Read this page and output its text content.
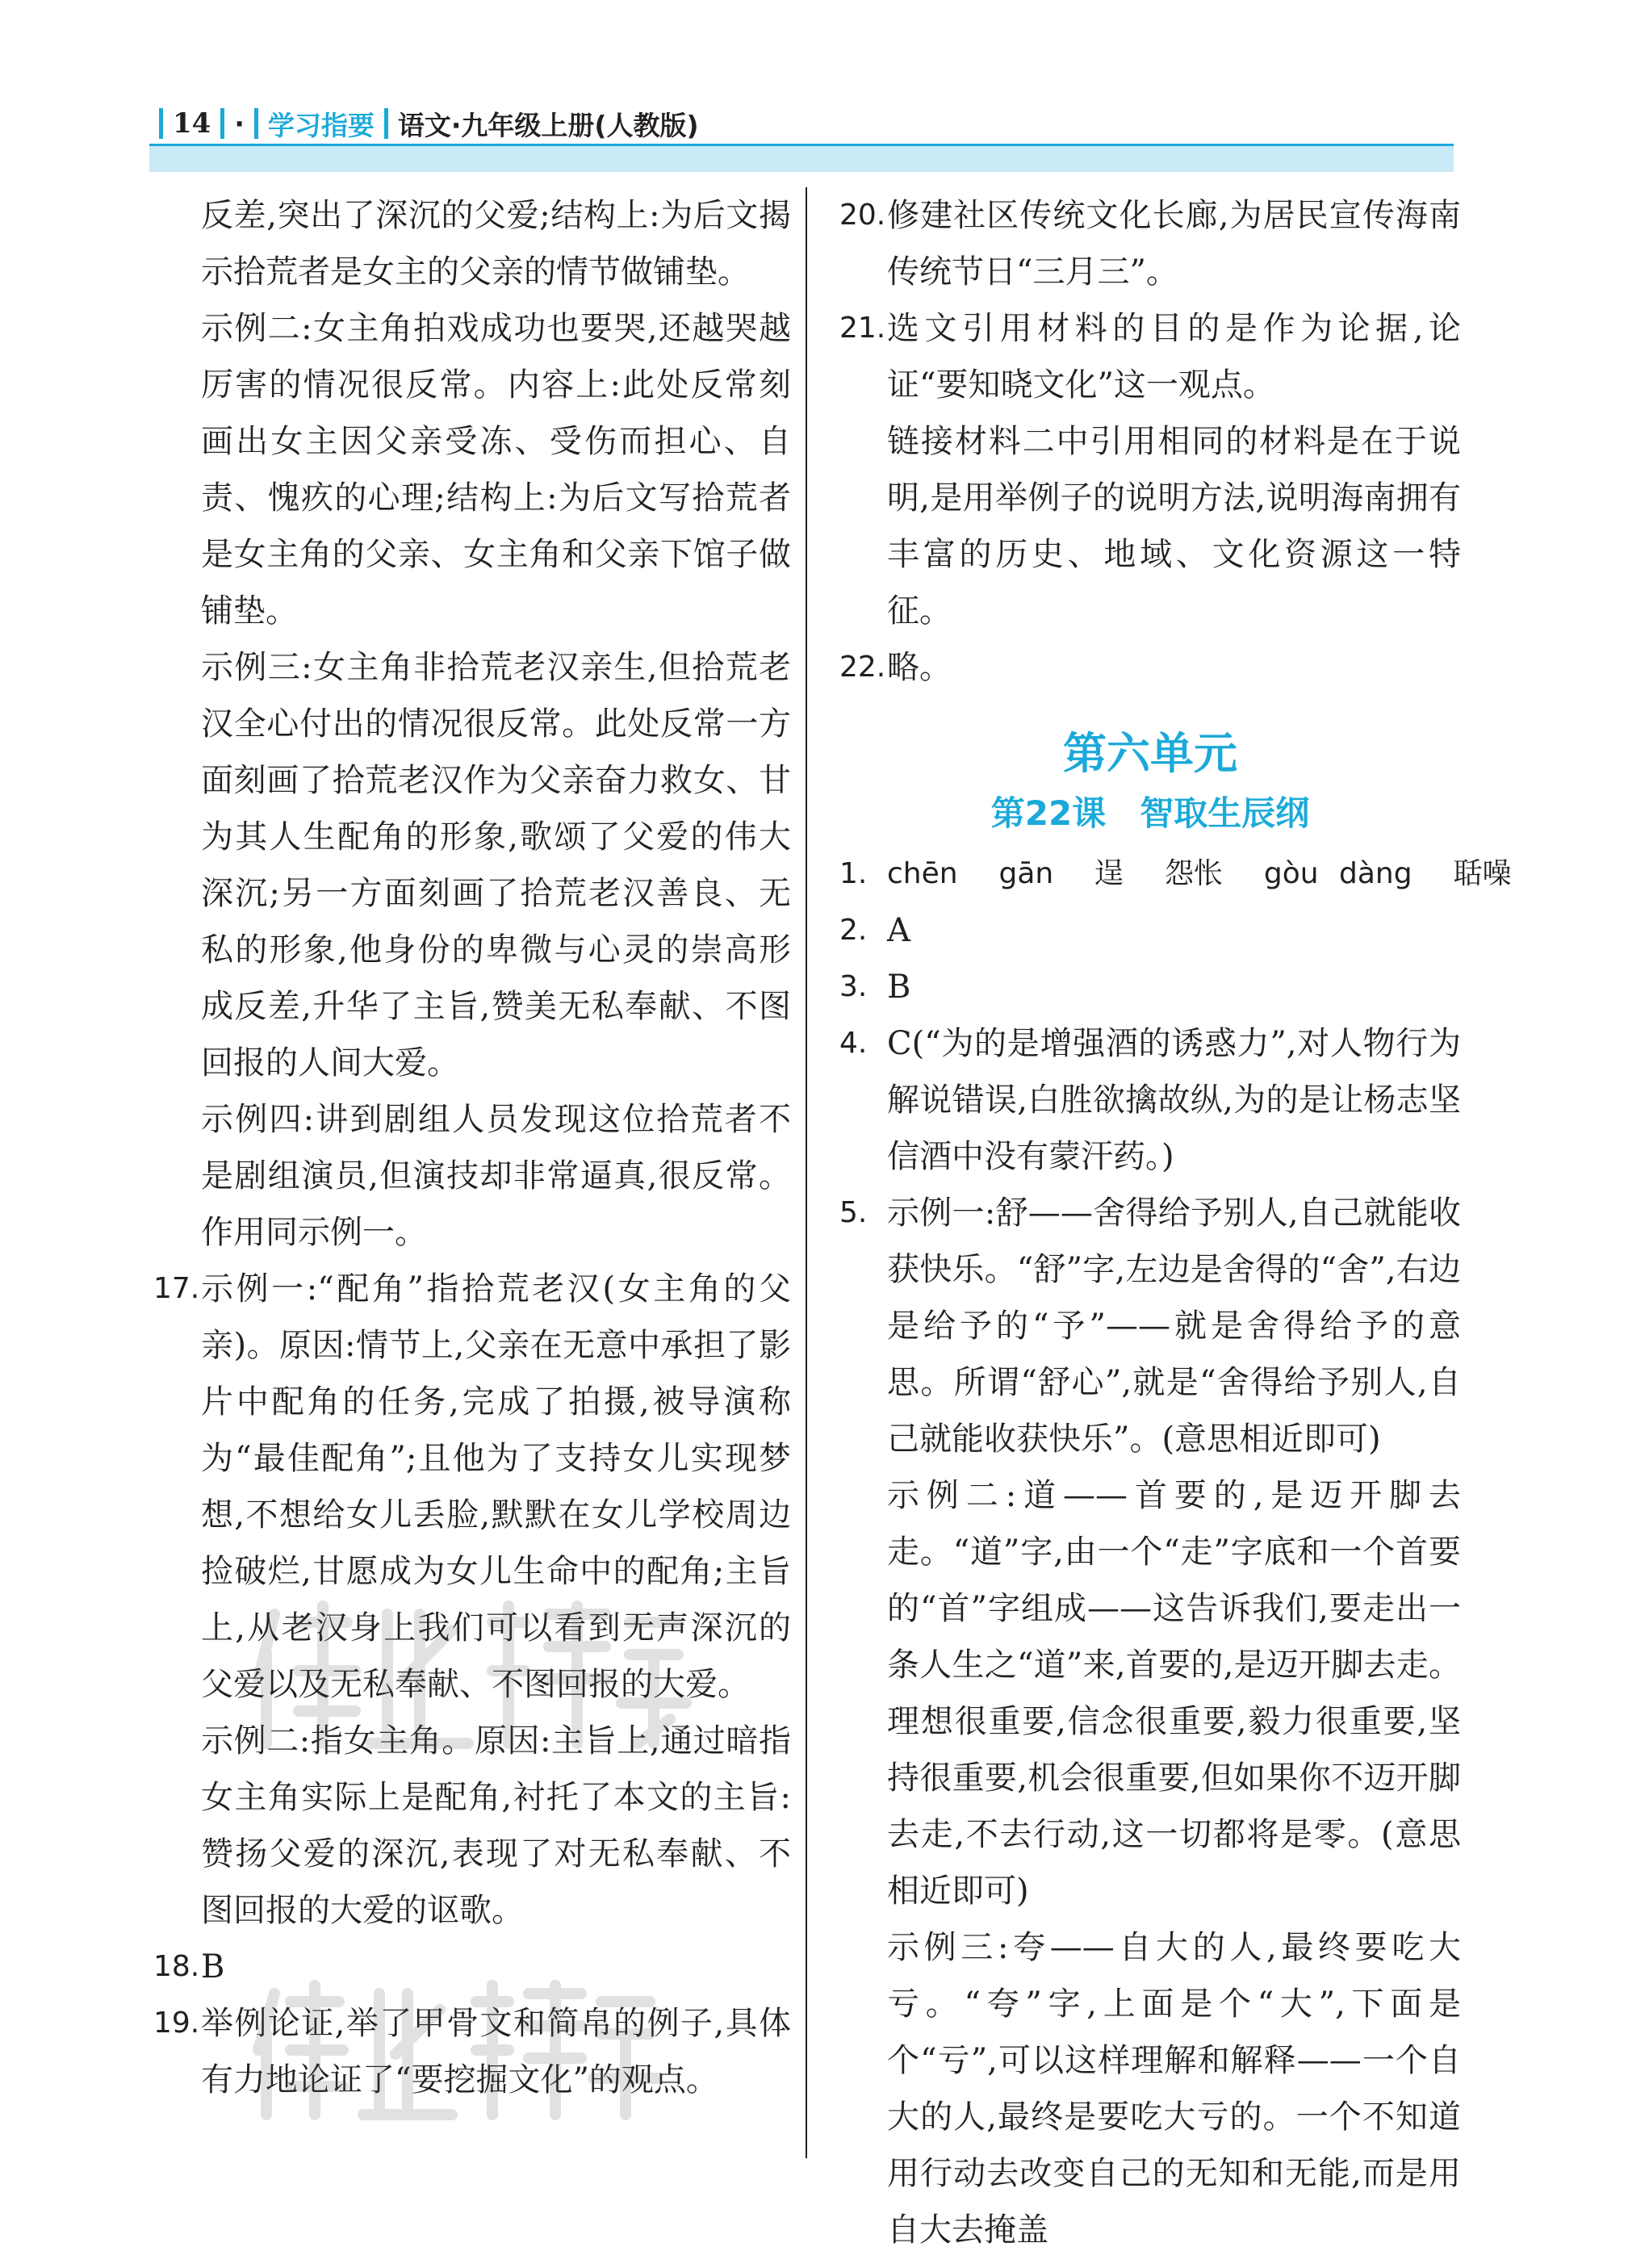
14 · 学习指要 语文·九年级上册(人教版)
反差,突出了深沉的父爱;结构上:为后文揭示拾荒者是女主的父亲的情节做铺垫。
示例二:女主角拍戏成功也要哭,还越哭越厉害的情况很反常。内容上:此处反常刻画出女主因父亲受冻、受伤而担心、自责、愧疚的心理;结构上:为后文写拾荒者是女主角的父亲、女主角和父亲下馆子做铺垫。
示例三:女主角非拾荒老汉亲生,但拾荒老汉全心付出的情况很反常。此处反常一方面刻画了拾荒老汉作为父亲奋力救女、甘为其人生配角的形象,歌颂了父爱的伟大深沉;另一方面刻画了拾荒老汉善良、无私的形象,他身份的卑微与心灵的崇高形成反差,升华了主旨,赞美无私奉献、不图回报的人间大爱。
示例四:讲到剧组人员发现这位拾荒者不是剧组演员,但演技却非常逼真,很反常。作用同示例一。
17. 示例一:“配角”指拾荒老汉(女主角的父亲)。原因:情节上,父亲在无意中承担了影片中配角的任务,完成了拍摄,被导演称为“最佳配角”;且他为了支持女儿实现梦想,不想给女儿丢脸,默默在女儿学校周边捡破烂,甘愿成为女儿生命中的配角;主旨上,从老汉身上我们可以看到无声深沉的父爱以及无私奉献、不图回报的大爱。
示例二:指女主角。原因:主旨上,通过暗指女主角实际上是配角,衬托了本文的主旨:赞扬父爱的深沉,表现了对无私奉献、不图回报的大爱的讴歌。
18. B
19. 举例论证,举了甲骨文和简帛的例子,具体有力地论证了“要挖掘文化”的观点。
20. 修建社区传统文化长廊,为居民宣传海南传统节日“三月三”。
21. 选文引用材料的目的是作为论据,论证“要知晓文化”这一观点。
链接材料二中引用相同的材料是在于说明,是用举例子的说明方法,说明海南拥有丰富的历史、地域、文化资源这一特征。
22. 略。
第六单元
第22课　智取生辰纲
1. chēn  gān  逞  怨怅  gòu dàng  聒噪
2. A
3. B
4. C(“为的是增强酒的诱惑力”,对人物行为解说错误,白胜欲擒故纵,为的是让杨志坚信酒中没有蒙汗药。)
5. 示例一:舒——舍得给予别人,自己就能收获快乐。“舒”字,左边是舍得的“舍”,右边是给予的“予”——就是舍得给予的意思。所谓“舒心”,就是“舍得给予别人,自己就能收获快乐”。(意思相近即可)
示例二:道——首要的,是迈开脚去走。“道”字,由一个“走”字底和一个首要的“首”字组成——这告诉我们,要走出一条人生之“道”来,首要的,是迈开脚去走。理想很重要,信念很重要,毅力很重要,坚持很重要,机会很重要,但如果你不迈开脚去走,不去行动,这一切都将是零。(意思相近即可)
示例三:夸——自大的人,最终要吃大亏。“夸”字,上面是个“大”,下面是个“亏”,可以这样理解和解释——一个自大的人,最终是要吃大亏的。一个不知道用行动去改变自己的无知和无能,而是用自大去掩盖
